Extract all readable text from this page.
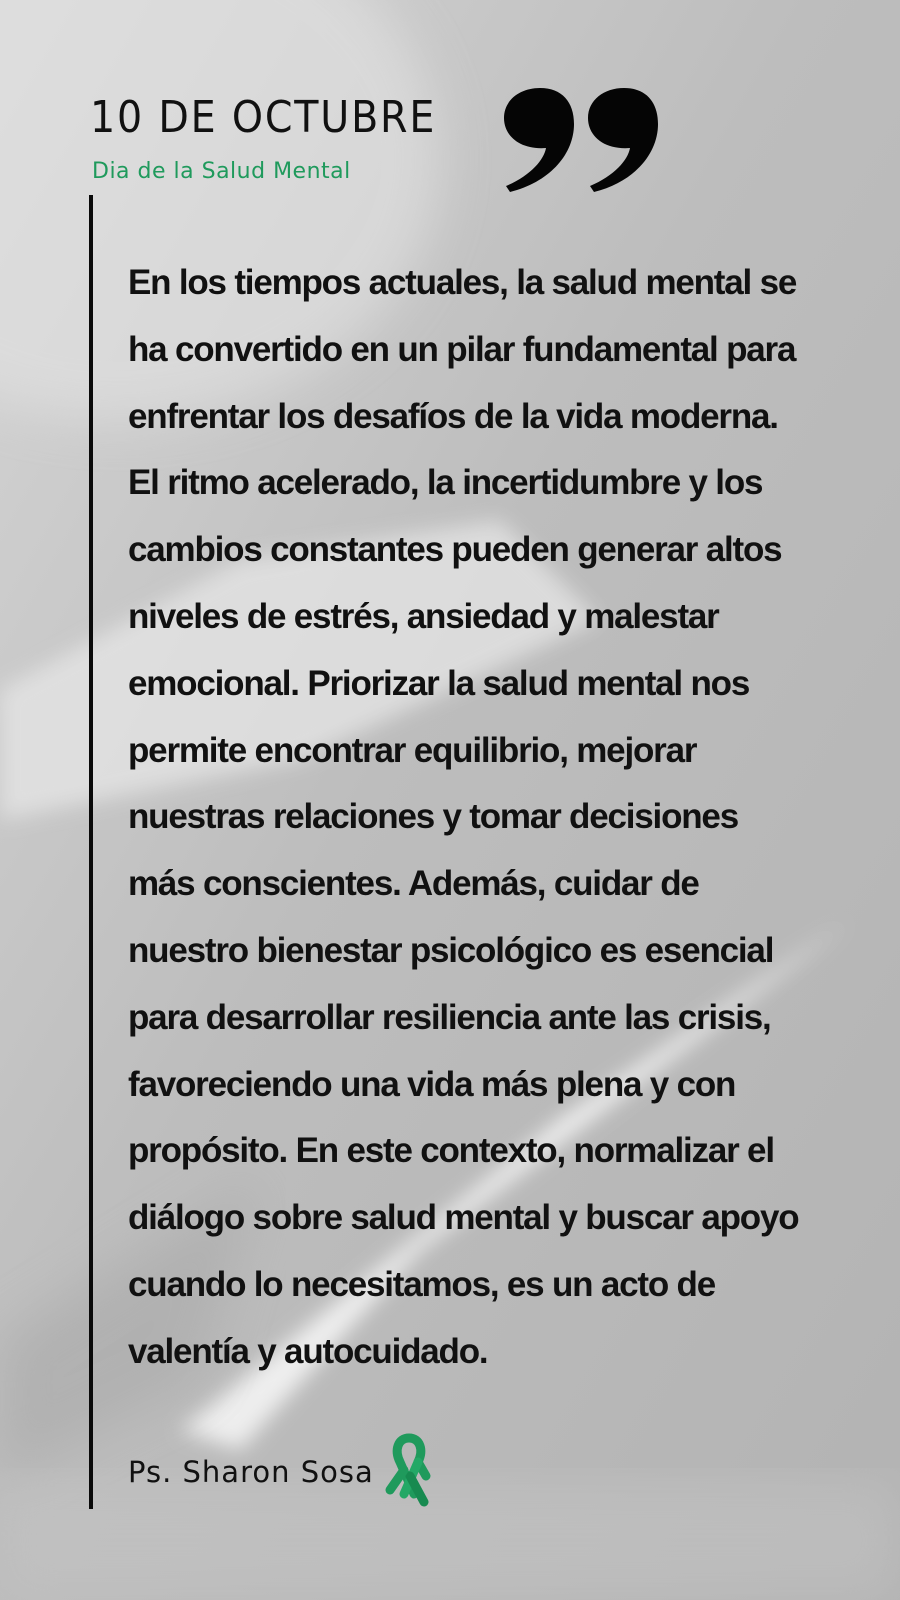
10 DE OCTUBRE
Dia de la Salud Mental

En los tiempos actuales, la salud mental se ha convertido en un pilar fundamental para enfrentar los desafíos de la vida moderna. El ritmo acelerado, la incertidumbre y los cambios constantes pueden generar altos niveles de estrés, ansiedad y malestar emocional. Priorizar la salud mental nos permite encontrar equilibrio, mejorar nuestras relaciones y tomar decisiones más conscientes. Además, cuidar de nuestro bienestar psicológico es esencial para desarrollar resiliencia ante las crisis, favoreciendo una vida más plena y con propósito. En este contexto, normalizar el diálogo sobre salud mental y buscar apoyo cuando lo necesitamos, es un acto de valentía y autocuidado.

Ps. Sharon Sosa
